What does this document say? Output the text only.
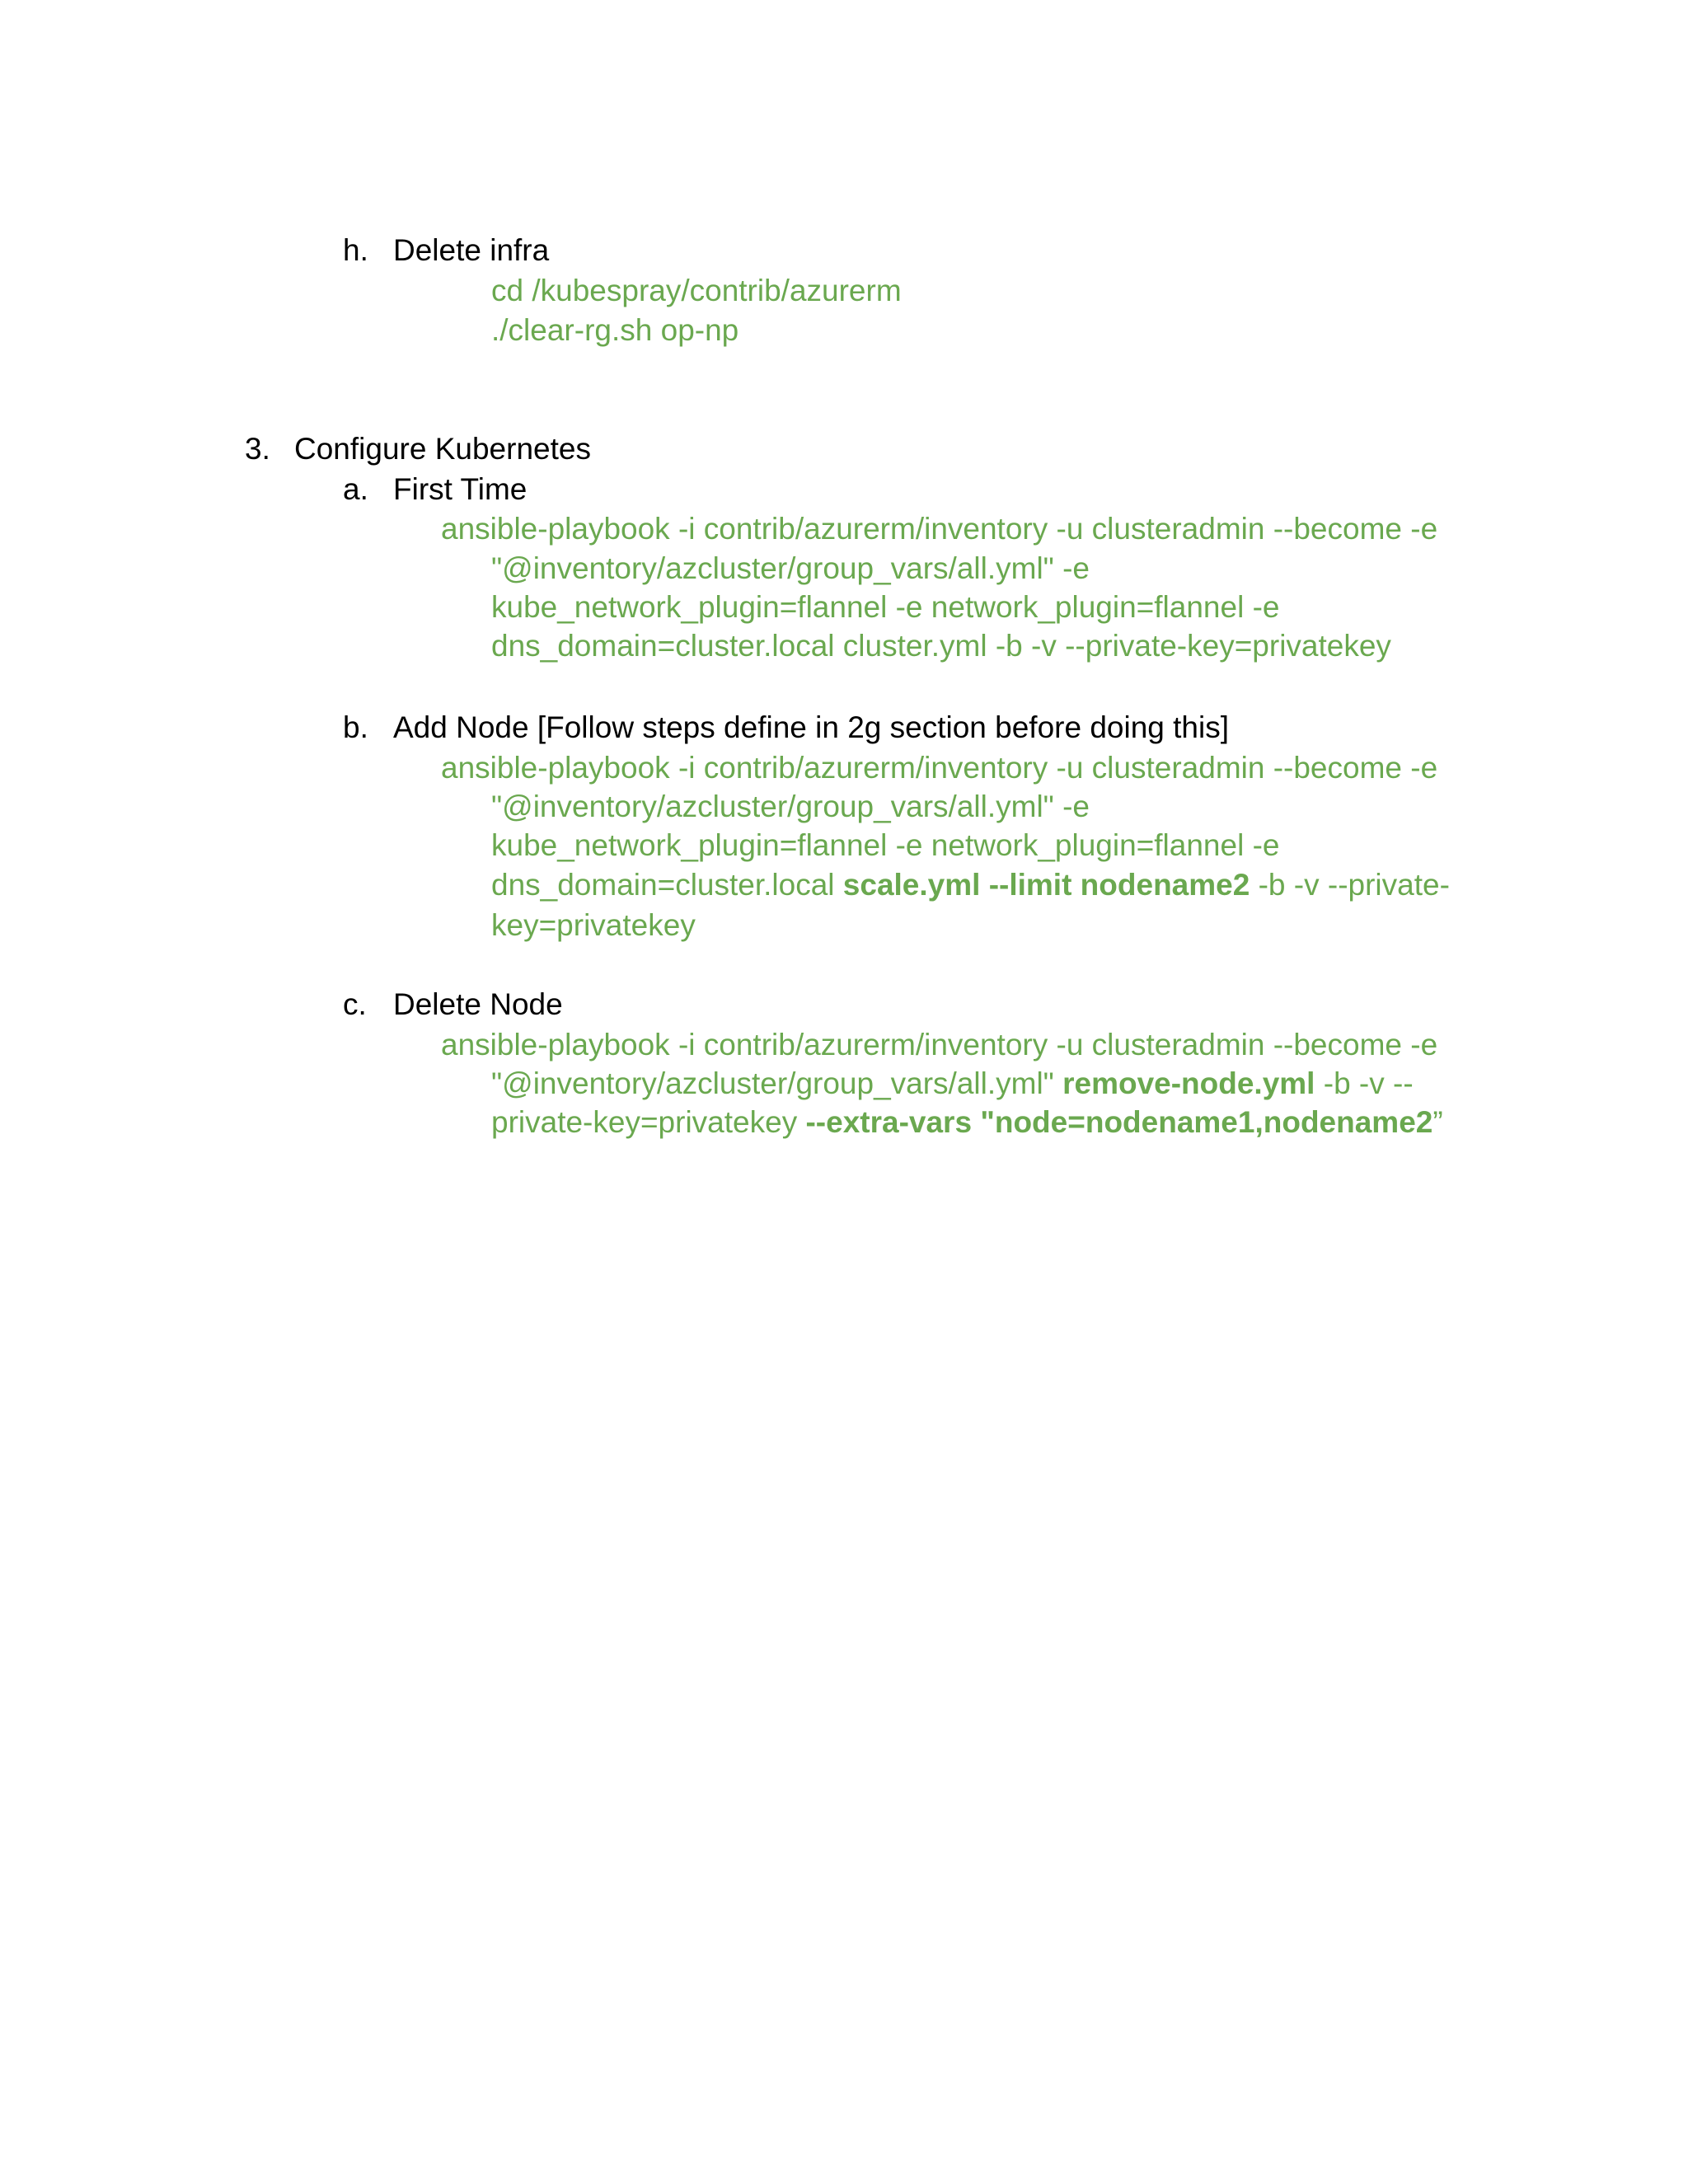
h. Delete infra
cd /kubespray/contrib/azurerm
./clear-rg.sh op-np
3. Configure Kubernetes
a. First Time
ansible-playbook -i contrib/azurerm/inventory -u clusteradmin --become -e
"@inventory/azcluster/group_vars/all.yml" -e
kube_network_plugin=flannel -e network_plugin=flannel -e
dns_domain=cluster.local cluster.yml -b -v --private-key=privatekey
b. Add Node [Follow steps define in 2g section before doing this]
ansible-playbook -i contrib/azurerm/inventory -u clusteradmin --become -e
"@inventory/azcluster/group_vars/all.yml" -e
kube_network_plugin=flannel -e network_plugin=flannel -e
dns_domain=cluster.local scale.yml --limit nodename2 -b -v --private-
key=privatekey
c. Delete Node
ansible-playbook -i contrib/azurerm/inventory -u clusteradmin --become -e
"@inventory/azcluster/group_vars/all.yml" remove-node.yml -b -v --
private-key=privatekey --extra-vars "node=nodename1,nodename2”
